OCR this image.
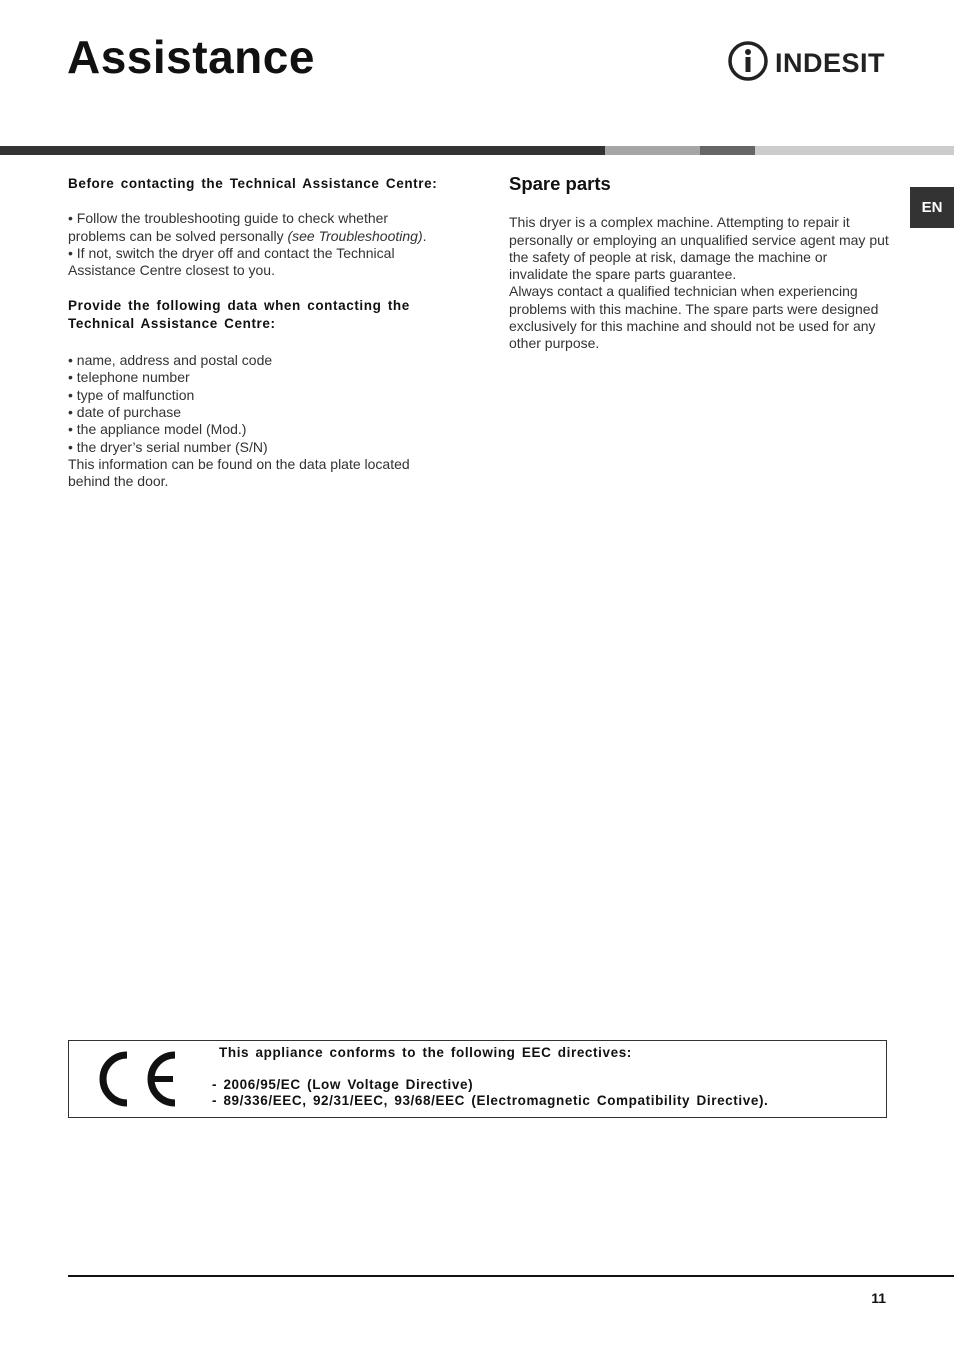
Assistance	INDESIT
EN

Before contacting the Technical Assistance Centre:

• Follow the troubleshooting guide to check whether problems can be solved personally (see Troubleshooting).

• If not, switch the dryer off and contact the Technical Assistance Centre closest to you.

Provide the following data when contacting the Technical Assistance Centre:

• name, address and postal code
• telephone number
• type of malfunction
• date of purchase
• the appliance model (Mod.)
• the dryer’s serial number (S/N)

This information can be found on the data plate located behind the door.

Spare parts

This dryer is a complex machine. Attempting to repair it personally or employing an unqualified service agent may put the safety of people at risk, damage the machine or invalidate the spare parts guarantee.

Always contact a qualified technician when experiencing problems with this machine. The spare parts were designed exclusively for this machine and should not be used for any other purpose.

This appliance conforms to the following EEC directives:

- 2006/95/EC (Low Voltage Directive)

- 89/336/EEC, 92/31/EEC, 93/68/EEC (Electromagnetic Compatibility Directive).

11
